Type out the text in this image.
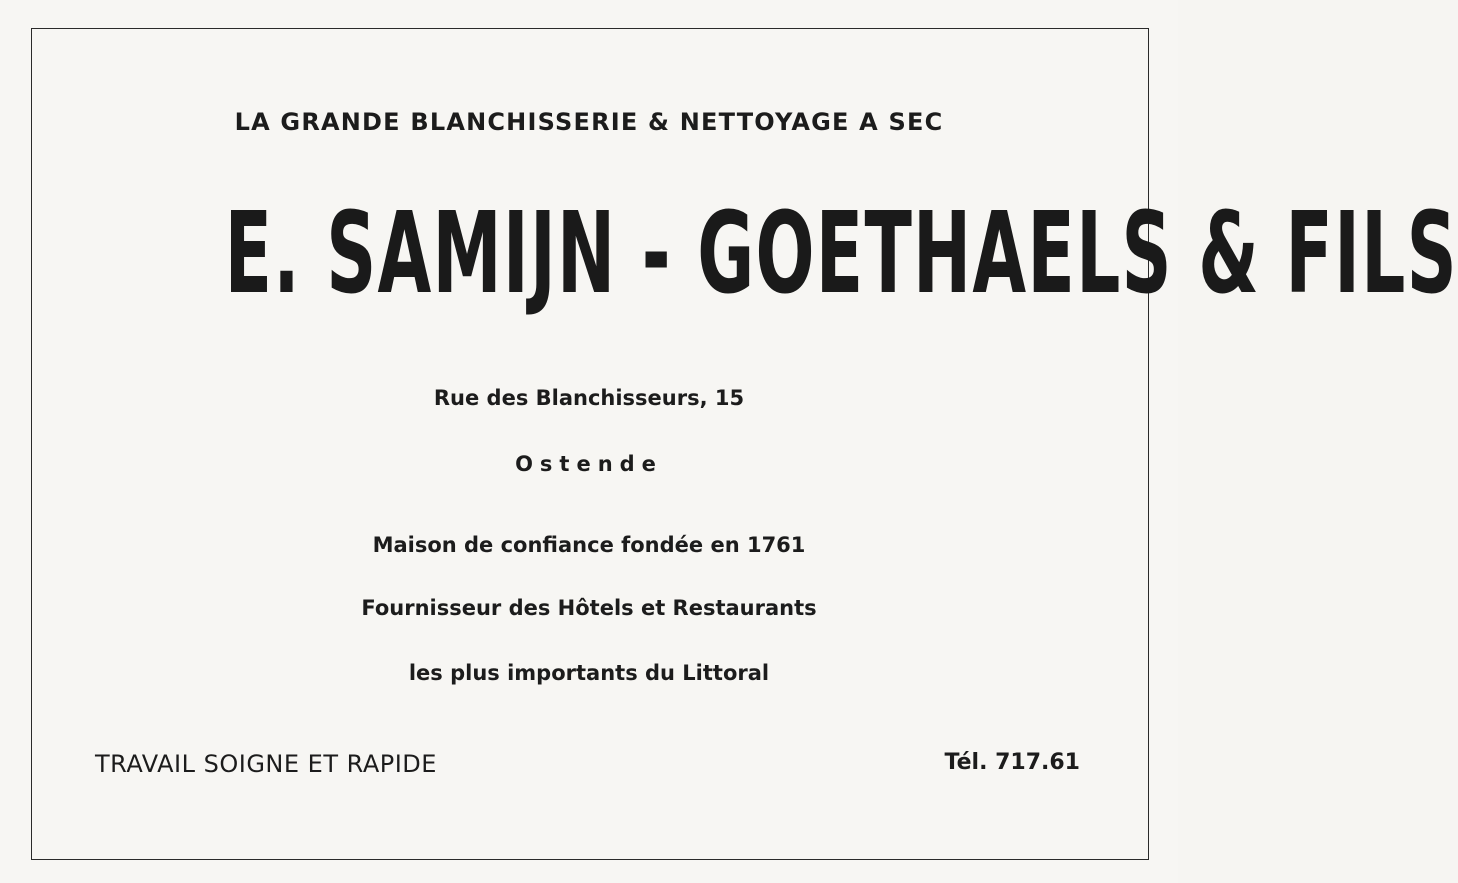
LA GRANDE BLANCHISSERIE & NETTOYAGE A SEC
E. SAMIJN - GOETHAELS & FILS
Rue des Blanchisseurs, 15
Ostende
Maison de confiance fondée en 1761
Fournisseur des Hôtels et Restaurants
les plus importants du Littoral
TRAVAIL SOIGNE ET RAPIDE	Tél. 717.61
